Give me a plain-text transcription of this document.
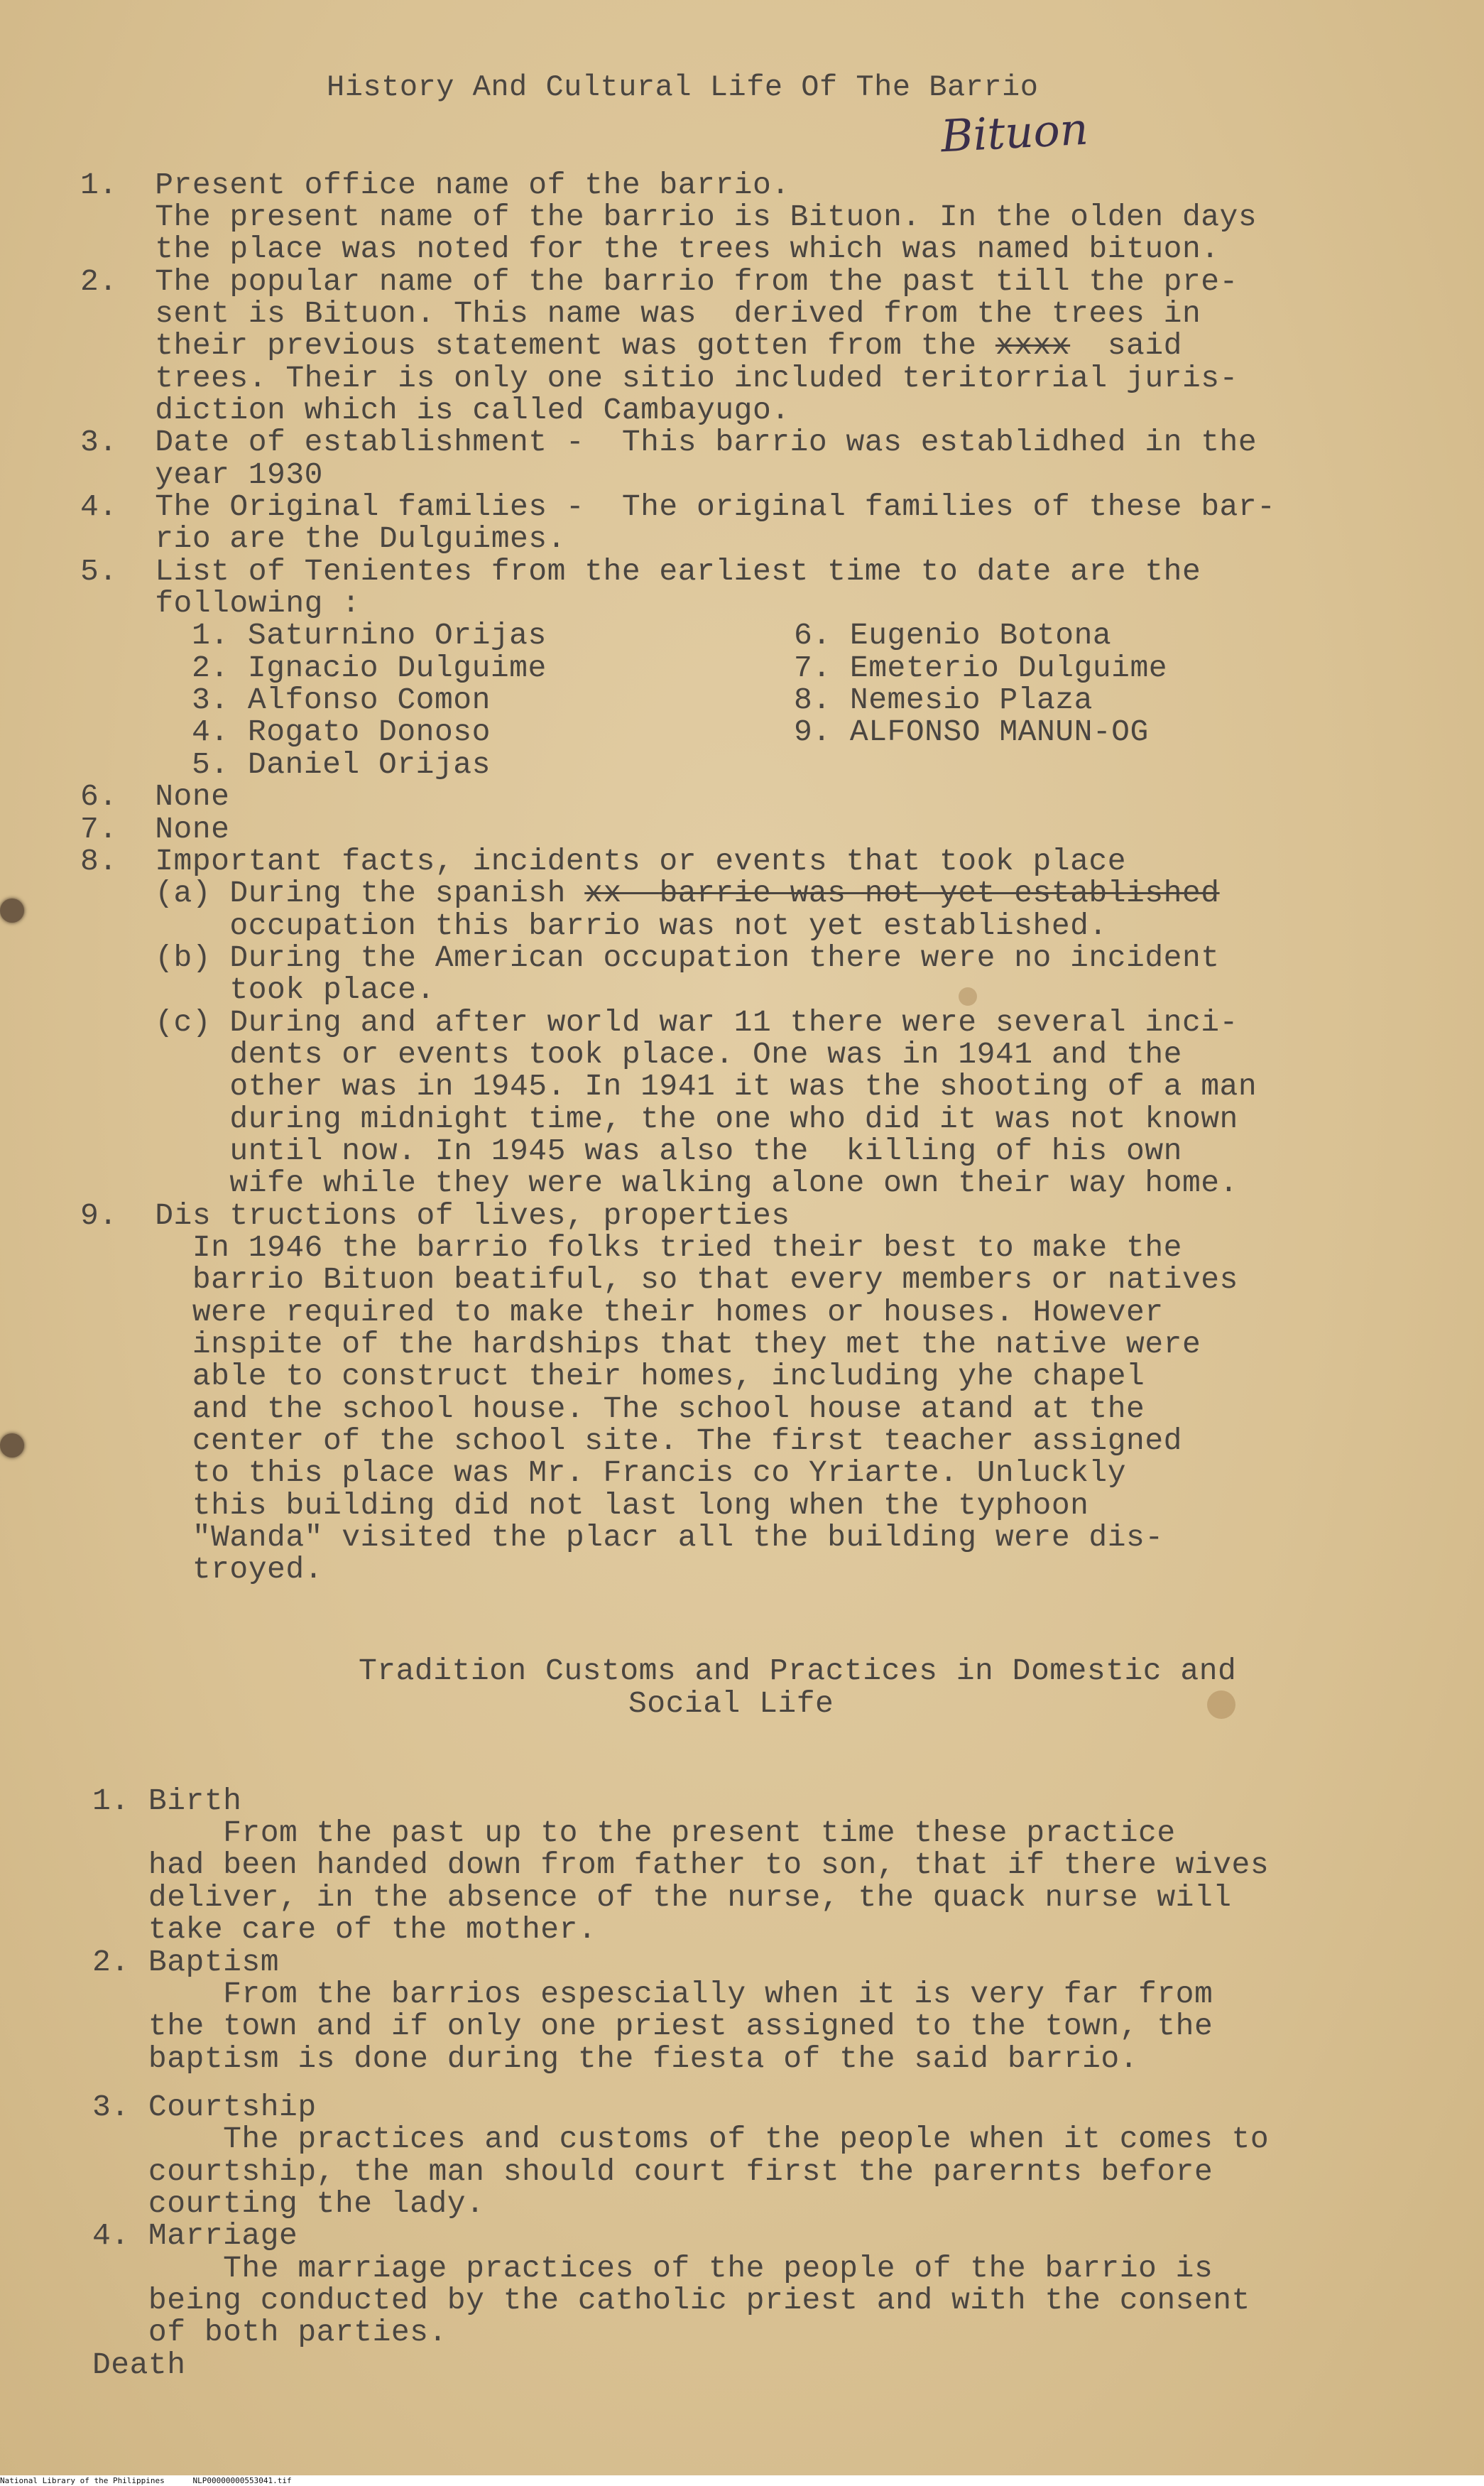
History And Cultural Life Of The Barrio
Bituon
1.  Present office name of the barrio.
The present name of the barrio is Bituon. In the olden days
the place was noted for the trees which was named bituon.
2.  The popular name of the barrio from the past till the pre-
sent is Bituon. This name was  derived from the trees in
their previous statement was gotten from the xxxx  said
trees. Their is only one sitio included teritorrial juris-
diction which is called Cambayugo.
3.  Date of establishment -  This barrio was establidhed in the
year 1930
4.  The Original families -  The original families of these bar-
rio are the Dulguimes.
5.  List of Tenientes from the earliest time to date are the
following :
1. Saturnino Orijas
2. Ignacio Dulguime
3. Alfonso Comon
4. Rogato Donoso
5. Daniel Orijas
6. Eugenio Botona
7. Emeterio Dulguime
8. Nemesio Plaza
9. ALFONSO MANUN-OG
6.  None
7.  None
8.  Important facts, incidents or events that took place
(a) During the spanish xx  barrie was not yet established
occupation this barrio was not yet established.
(b) During the American occupation there were no incident
took place.
(c) During and after world war 11 there were several inci-
dents or events took place. One was in 1941 and the
other was in 1945. In 1941 it was the shooting of a man
during midnight time, the one who did it was not known
until now. In 1945 was also the  killing of his own
wife while they were walking alone own their way home.
9.  Dis tructions of lives, properties
In 1946 the barrio folks tried their best to make the
barrio Bituon beatiful, so that every members or natives
were required to make their homes or houses. However
inspite of the hardships that they met the native were
able to construct their homes, including yhe chapel
and the school house. The school house atand at the
center of the school site. The first teacher assigned
to this place was Mr. Francis co Yriarte. Unluckly
this building did not last long when the typhoon
"Wanda" visited the placr all the building were dis-
troyed.
Tradition Customs and Practices in Domestic and
Social Life
1. Birth
From the past up to the present time these practice
had been handed down from father to son, that if there wives
deliver, in the absence of the nurse, the quack nurse will
take care of the mother.
2. Baptism
From the barrios espescially when it is very far from
the town and if only one priest assigned to the town, the
baptism is done during the fiesta of the said barrio.
3. Courtship
The practices and customs of the people when it comes to
courtship, the man should court first the parernts before
courting the lady.
4. Marriage
The marriage practices of the people of the barrio is
being conducted by the catholic priest and with the consent
of both parties.
Death
National Library of the Philippines      NLP00000000553041.tif
